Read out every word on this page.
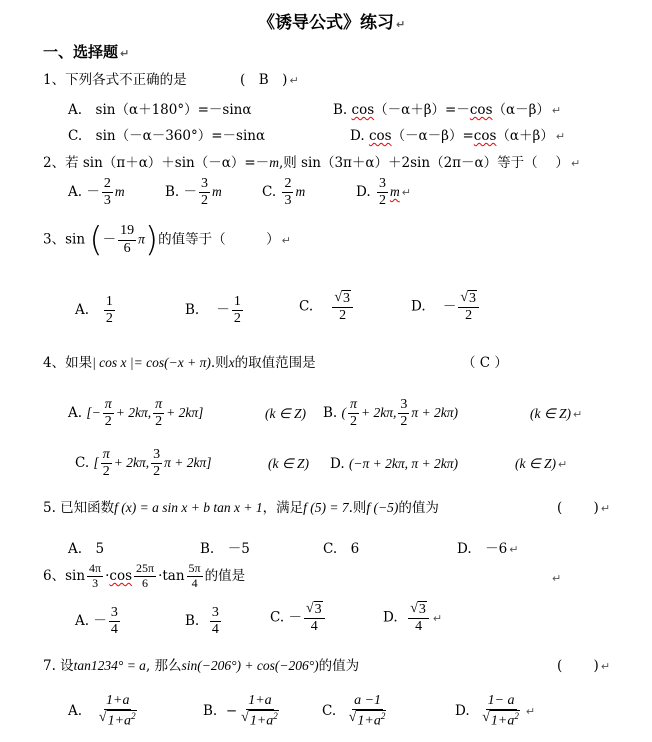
《诱导公式》练习 ↵
一、选择题 ↵
1、下列各式不正确的是	(　B　) ↵
A.　sin（α＋180°）=－sinα	B. cos（－α＋β）=－cos（α－β） ↵
C.　sin（－α－360°）=－sinα	D. cos（－α－β）=cos（α＋β） ↵
2、若 sin（π＋α）＋sin（－α）=－m,则 sin（3π＋α）＋2sin（2π－α）等于（　 ） ↵
A. － $\frac{2}{3}$ m	B. － $\frac{3}{2}$ m	C. $\frac{2}{3}$ m	D. $\frac{3}{2}$ m ↵
3、sin (－ $\frac{19}{6} \pi$)的值等于（　　　） ↵
A. $\frac{1}{2}$	B. － $\frac{1}{2}$	C. $\frac{√ 3}{2}$	D. － $\frac{√ 3}{2}$
4、如果| cos x |= cos(−x + π).则x的取值范围是	（ C ）
A. [− $\frac{\pi}{2} + 2k\pi$, $\frac{\pi}{2} + 2k\pi$]	(k ∈ Z) B. ( $\frac{\pi}{2} + 2k\pi$, $\frac{3}{2}$ π + 2kπ)	(k ∈ Z) ↵
C. [ $\frac{\pi}{2} + 2k\pi$, $\frac{3}{2}$ π + 2kπ]	(k ∈ Z) D. (−π + 2kπ, π + 2kπ)	(k ∈ Z) ↵
5. 已知函数f (x) = a sin x + b tan x + 1，满足f (5) = 7.则f (−5)的值为	(　　 ) ↵
A.　5	B.　－5	C.　6	D.　－6 ↵
6、$\sin \frac{4\pi}{3} \cdot\cos \frac{25\pi}{6} \cdot\tan \frac{5\pi}{4}$ 的值是	↵
A. － $\frac{3}{4}$	B. $\frac{3}{4}$	C. － $\frac{√ 3}{4}$	D. $\frac{√ 3}{4}$ ↵
7. 设tan1234° = a, 那么sin(−206°) + cos(−206°)的值为	(　　 ) ↵
A. $\frac{1+a}{√ 1+a^2}$	B. − $\frac{1+a}{√ 1+a^2}$	C. $\frac{a -1}{√ 1+a^2}$	D. $\frac{1- a}{√ 1+a^2}$ ↵
